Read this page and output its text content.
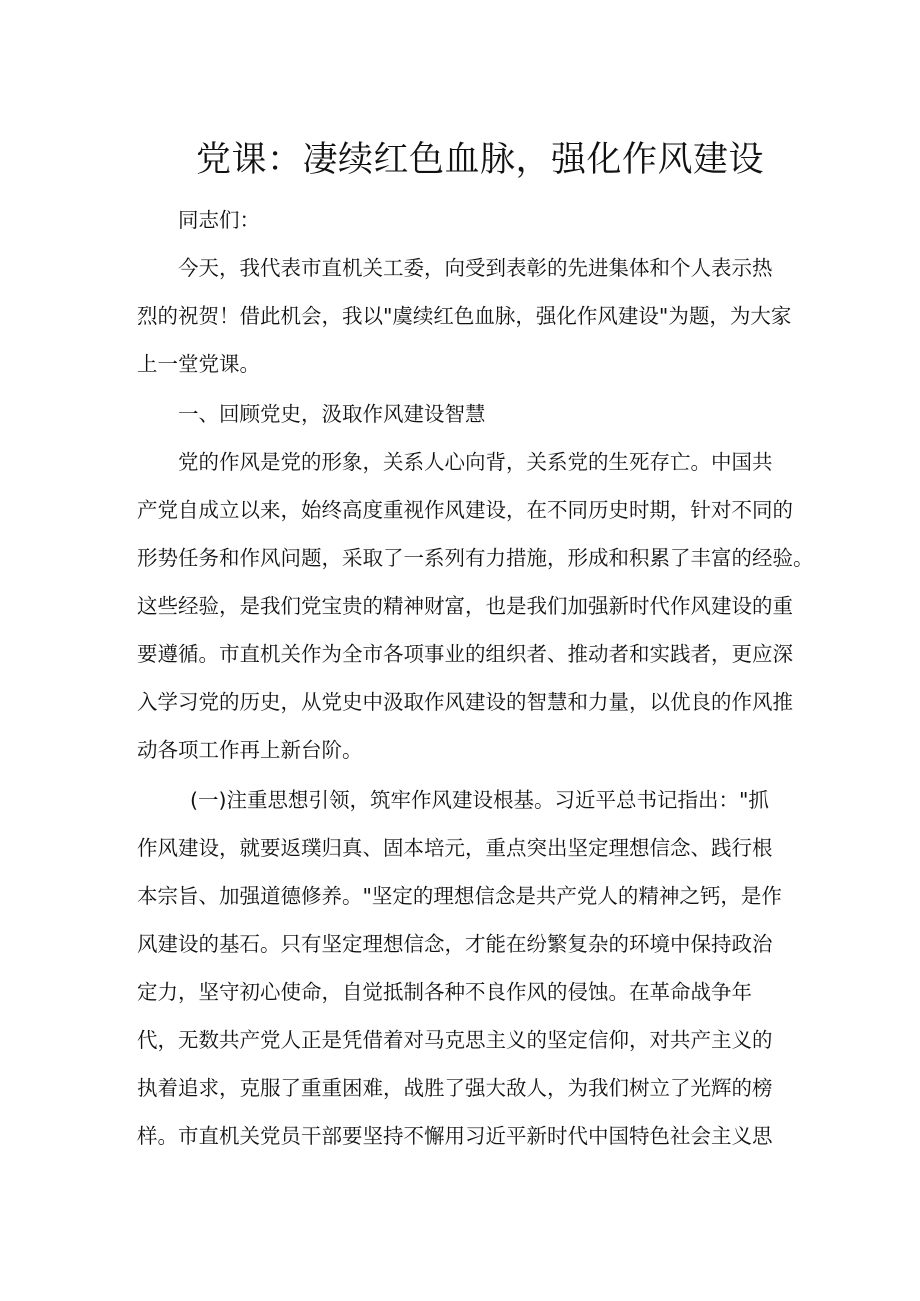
党课：凄续红色血脉，强化作风建设
同志们：
今天，我代表市直机关工委，向受到表彰的先进集体和个人表示热
烈的祝贺！借此机会，我以"虞续红色血脉，强化作风建设"为题，为大家
上一堂党课。
一、回顾党史，汲取作风建设智慧
党的作风是党的形象，关系人心向背，关系党的生死存亡。中国共
产党自成立以来，始终高度重视作风建设，在不同历史时期，针对不同的
形势任务和作风问题，采取了一系列有力措施，形成和积累了丰富的经验。
这些经验，是我们党宝贵的精神财富，也是我们加强新时代作风建设的重
要遵循。市直机关作为全市各项事业的组织者、推动者和实践者，更应深
入学习党的历史，从党史中汲取作风建设的智慧和力量，以优良的作风推
动各项工作再上新台阶。
(一)注重思想引领，筑牢作风建设根基。习近平总书记指出："抓
作风建设，就要返璞归真、固本培元，重点突出坚定理想信念、践行根
本宗旨、加强道德修养。"坚定的理想信念是共产党人的精神之钙，是作
风建设的基石。只有坚定理想信念，才能在纷繁复杂的环境中保持政治
定力，坚守初心使命，自觉抵制各种不良作风的侵蚀。在革命战争年
代，无数共产党人正是凭借着对马克思主义的坚定信仰，对共产主义的
执着追求，克服了重重困难，战胜了强大敌人，为我们树立了光辉的榜
样。市直机关党员干部要坚持不懈用习近平新时代中国特色社会主义思
